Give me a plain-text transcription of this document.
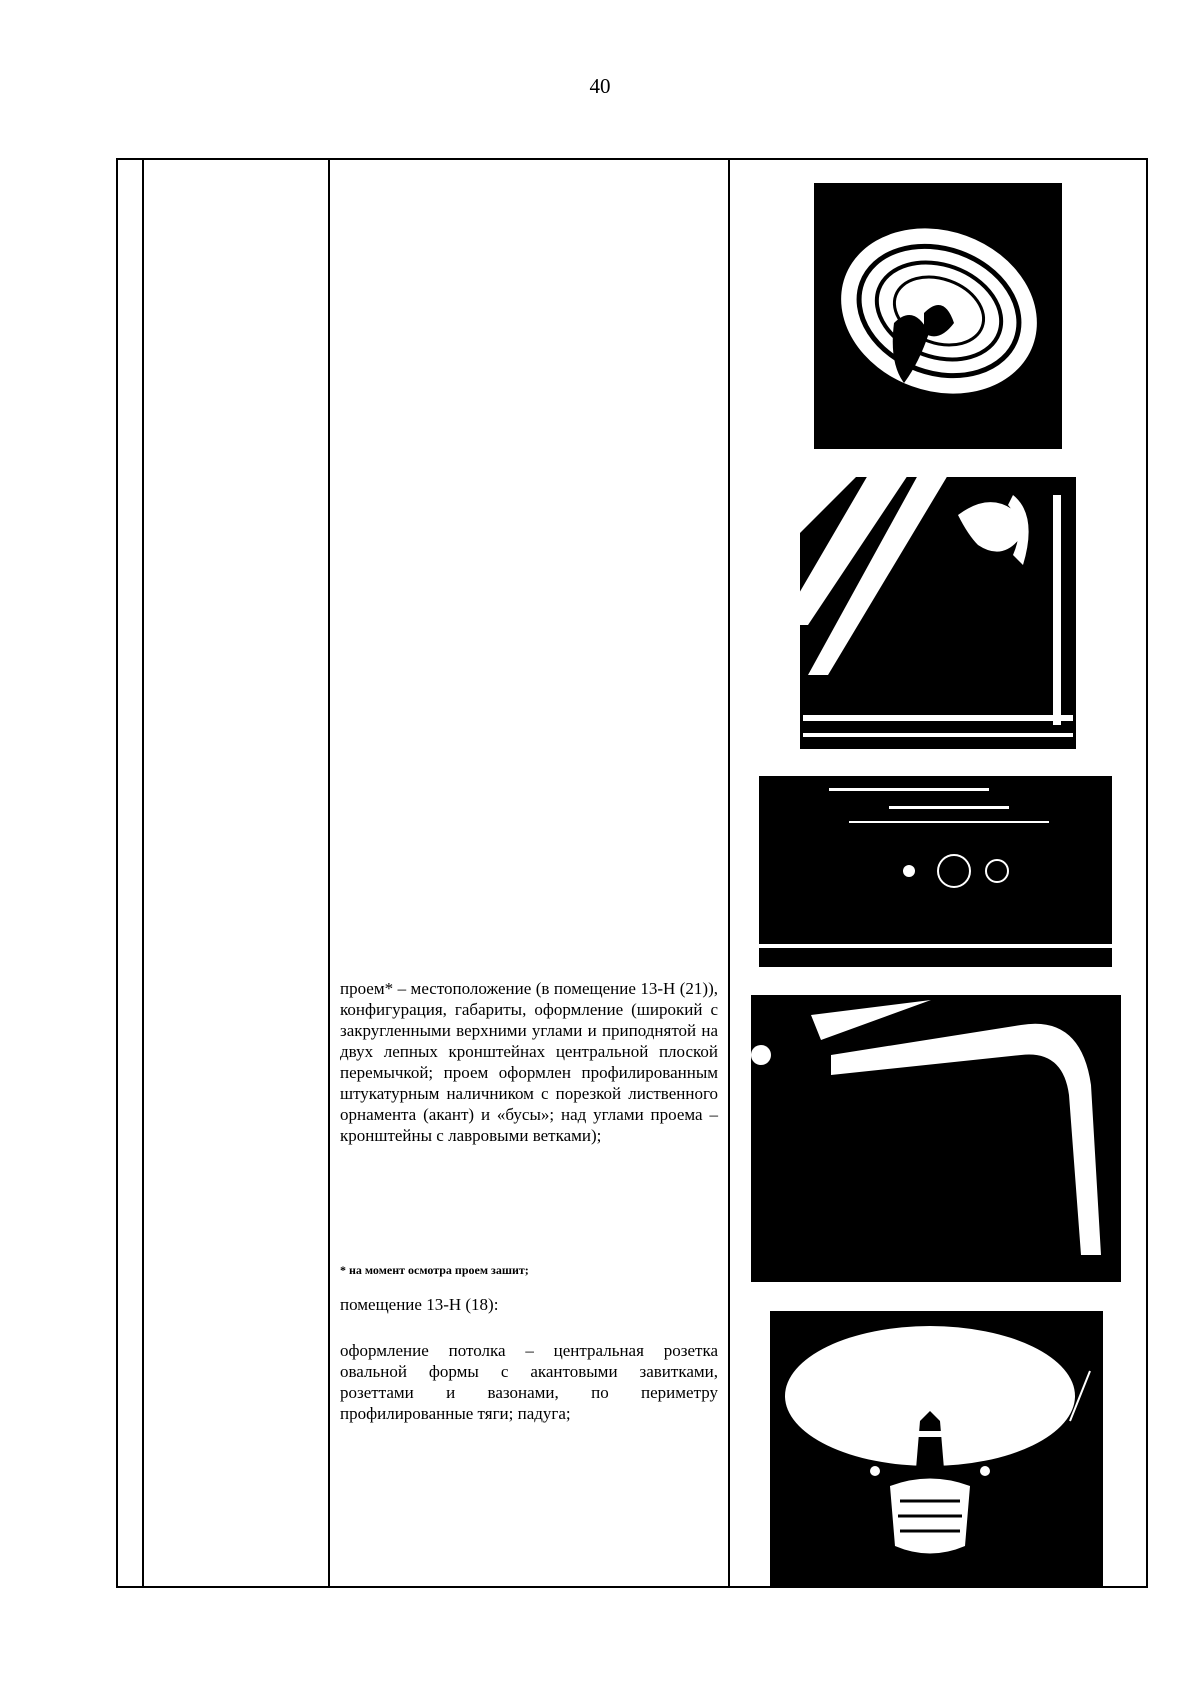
40

проем* – местоположение (в помещение 13-Н (21)), конфигурация, габариты, оформление (широкий с закругленными верхними углами и приподнятой на двух лепных кронштейнах центральной плоской перемычкой; проем оформлен профилированным штукатурным наличником с порезкой лиственного орнамента (акант) и «бусы»; над углами проема – кронштейны с лавровыми ветками);

* на момент осмотра проем зашит;

помещение 13-Н (18):

оформление потолка – центральная розетка овальной формы с акантовыми завитками, розеттами и вазонами, по периметру профилированные тяги; падуга;
